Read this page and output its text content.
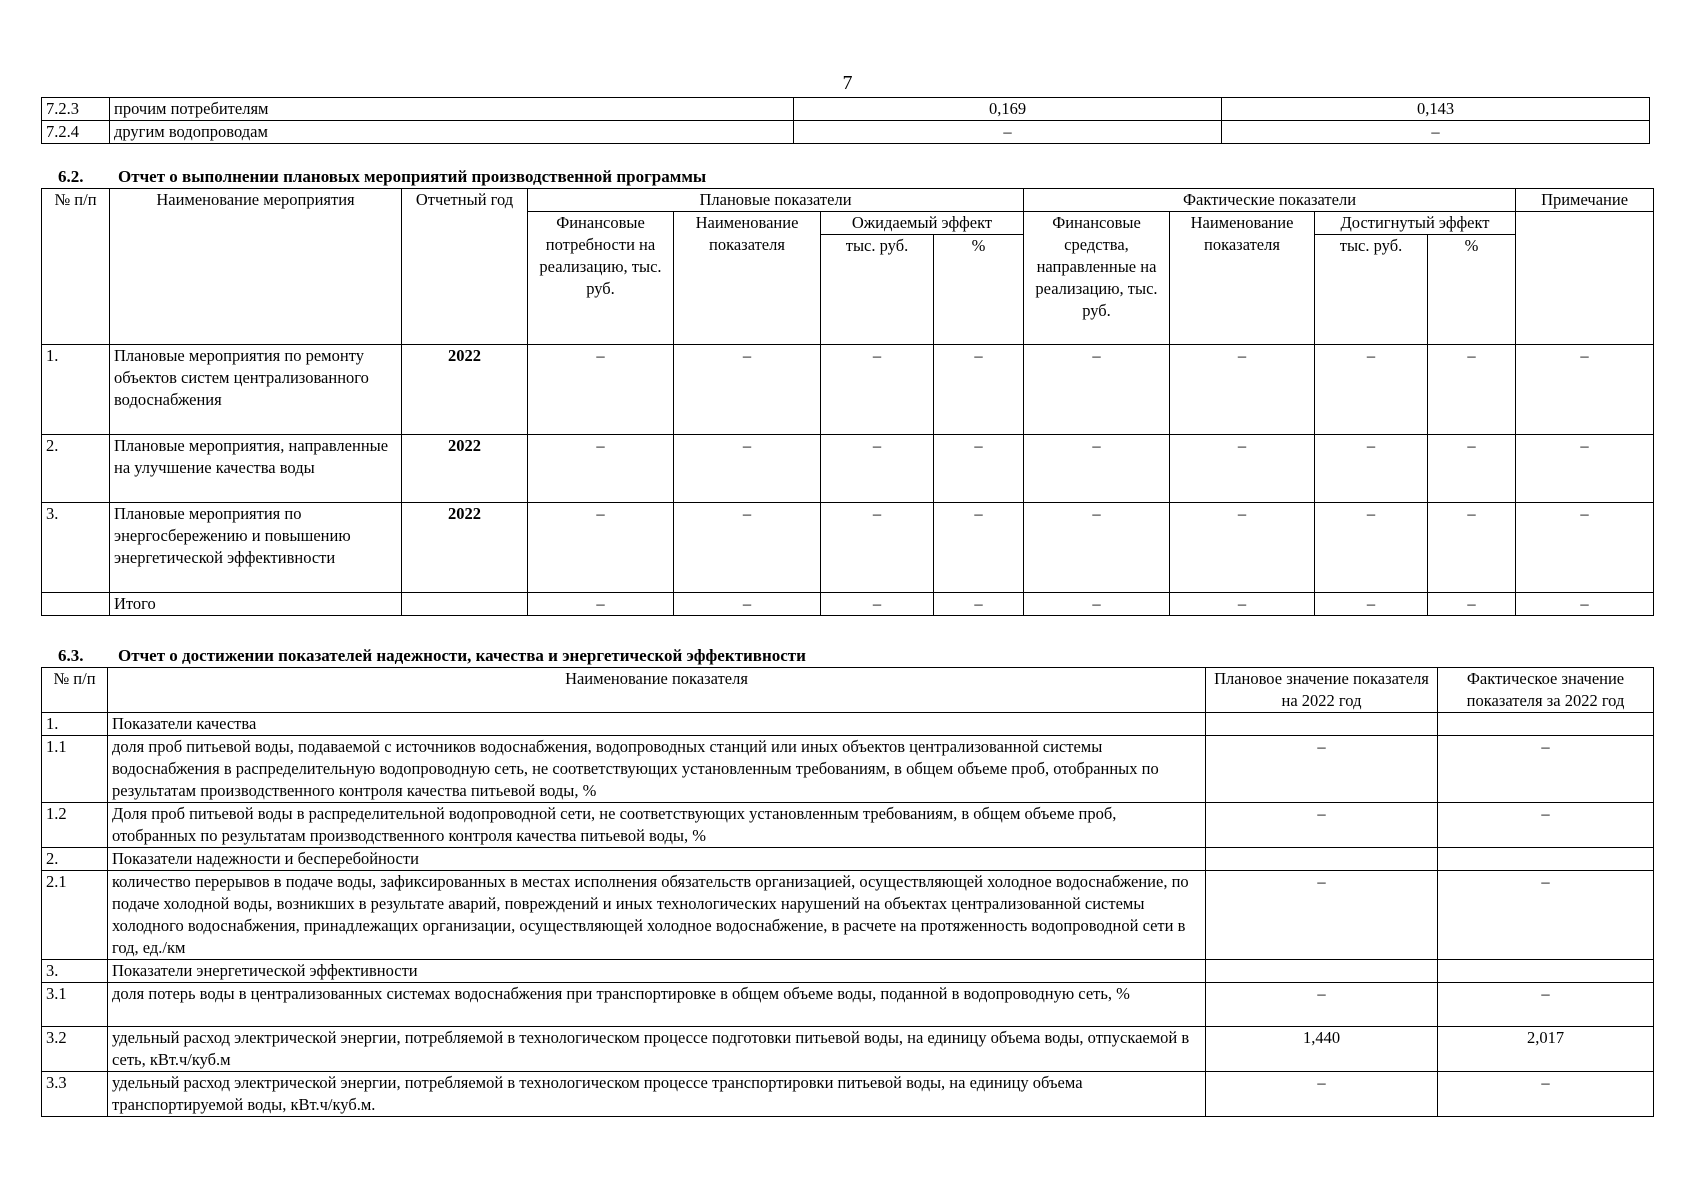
7
7.2.3	прочим потребителям	0,169	0,143
7.2.4	другим водопроводам	–	–
6.2. Отчет о выполнении плановых мероприятий производственной программы
№ п/п	Наименование мероприятия	Отчетный год	Плановые показатели				Фактические показатели				Примечание
			Финансовые потребности на реализацию, тыс. руб.	Наименование показателя	Ожидаемый эффект		Финансовые средства, направленные на реализацию, тыс. руб.	Наименование показателя	Достигнутый эффект		
					тыс. руб.	%			тыс. руб.	%	
1.	Плановые мероприятия по ремонту объектов систем централизованного водоснабжения	2022	–	–	–	–	–	–	–	–	–
2.	Плановые мероприятия, направленные на улучшение качества воды	2022	–	–	–	–	–	–	–	–	–
3.	Плановые мероприятия по энергосбережению и повышению энергетической эффективности	2022	–	–	–	–	–	–	–	–	–
	Итого		–	–	–	–	–	–	–	–	–
6.3. Отчет о достижении показателей надежности, качества и энергетической эффективности
№ п/п	Наименование показателя	Плановое значение показателя на 2022 год	Фактическое значение показателя за 2022 год
1.	Показатели качества		
1.1	доля проб питьевой воды, подаваемой с источников водоснабжения, водопроводных станций или иных объектов централизованной системы водоснабжения в распределительную водопроводную сеть, не соответствующих установленным требованиям, в общем объеме проб, отобранных по результатам производственного контроля качества питьевой воды, %	–	–
1.2	Доля проб питьевой воды в распределительной водопроводной сети, не соответствующих установленным требованиям, в общем объеме проб, отобранных по результатам производственного контроля качества питьевой воды, %	–	–
2.	Показатели надежности и бесперебойности		
2.1	количество перерывов в подаче воды, зафиксированных в местах исполнения обязательств организацией, осуществляющей холодное водоснабжение, по подаче холодной воды, возникших в результате аварий, повреждений и иных технологических нарушений на объектах централизованной системы холодного водоснабжения, принадлежащих организации, осуществляющей холодное водоснабжение, в расчете на протяженность водопроводной сети в год, ед./км	–	–
3.	Показатели энергетической эффективности		
3.1	доля потерь воды в централизованных системах водоснабжения при транспортировке в общем объеме воды, поданной в водопроводную сеть, %	–	–
3.2	удельный расход электрической энергии, потребляемой в технологическом процессе подготовки питьевой воды, на единицу объема воды, отпускаемой в сеть, кВт.ч/куб.м	1,440	2,017
3.3	удельный расход электрической энергии, потребляемой в технологическом процессе транспортировки питьевой воды, на единицу объема транспортируемой воды, кВт.ч/куб.м.	–	–
